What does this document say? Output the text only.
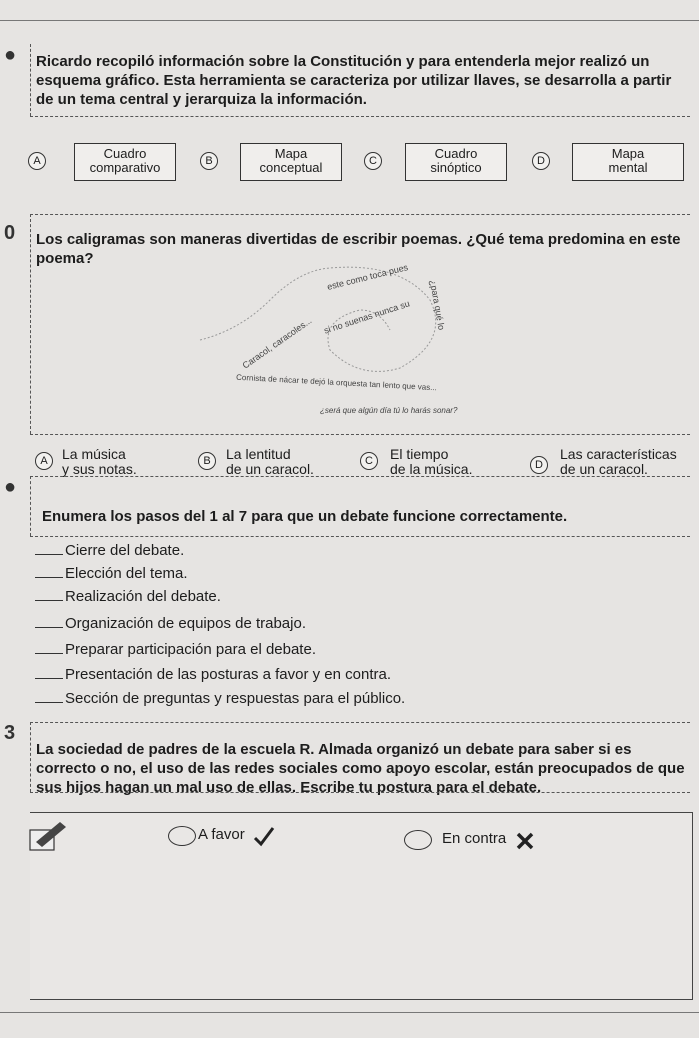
● Ricardo recopiló información sobre la Constitución y para entenderla mejor realizó un esquema gráfico. Esta herramienta se caracteriza por utilizar llaves, se desarrolla a partir de un tema central y jerarquiza la información.
A	Cuadro
comparativo	B	Mapa
conceptual	C	Cuadro
sinóptico	D	Mapa
mental
0 Los caligramas son maneras divertidas de escribir poemas. ¿Qué tema predomina en este poema?
este como toca pues
¿para qué lo
si no suenas nunca su
Caracol, caracoles...
Cornista de nácar te dejó la orquesta tan lento que vas...
¿será que algún día tú lo harás sonar?
A	La música
y sus notas.	B	La lentitud
de un caracol.	C	El tiempo
de la música.	D
Las características
de un caracol.
●
Enumera los pasos del 1 al 7 para que un debate funcione correctamente.
Cierre del debate.
Elección del tema.
Realización del debate.
Organización de equipos de trabajo.
Preparar participación para el debate.
Presentación de las posturas a favor y en contra.
Sección de preguntas y respuestas para el público.
3
La sociedad de padres de la escuela R. Almada organizó un debate para saber si es correcto o no, el uso de las redes sociales como apoyo escolar, están preocupados de que sus hijos hagan un mal uso de ellas. Escribe tu postura para el debate.
A favor	En contra
